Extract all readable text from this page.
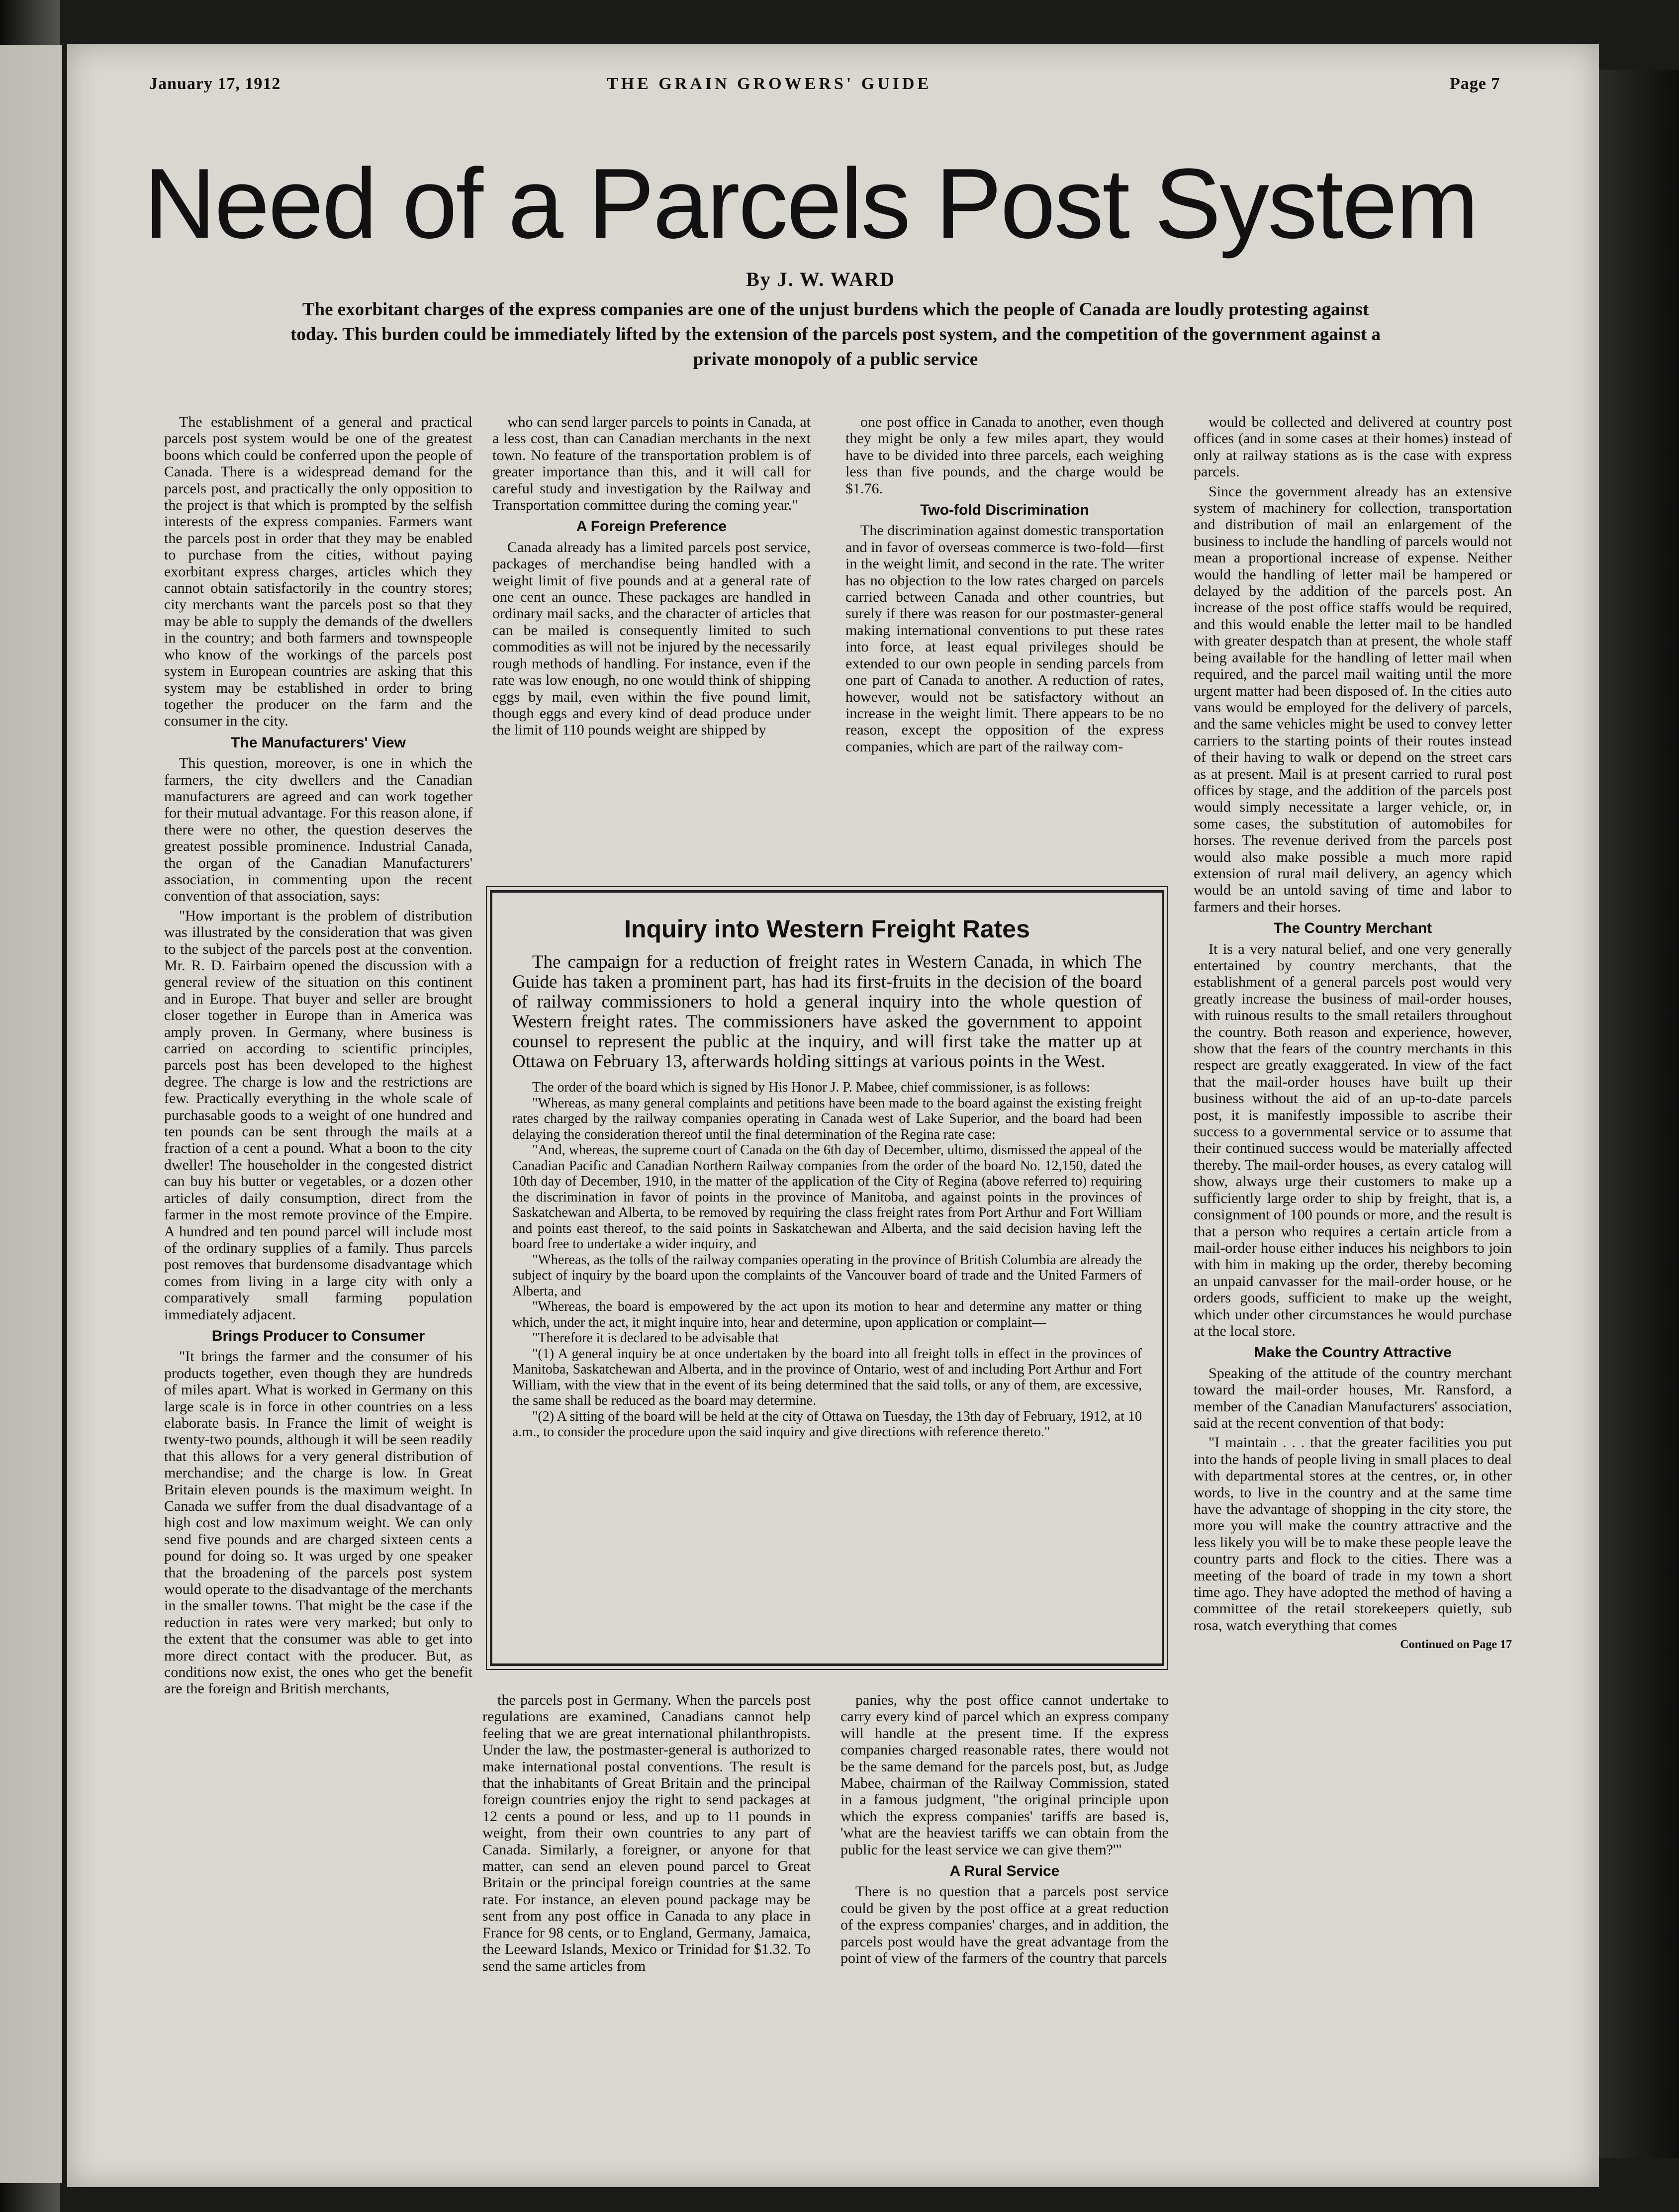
January 17, 1912	THE GRAIN GROWERS' GUIDE	Page 7
Need of a Parcels Post System
By J. W. WARD
The exorbitant charges of the express companies are one of the unjust burdens which the people of Canada are loudly protesting against today. This burden could be immediately lifted by the extension of the parcels post system, and the competition of the government against a private monopoly of a public service

The establishment of a general and practical parcels post system would be one of the greatest boons which could be conferred upon the people of Canada. There is a widespread demand for the parcels post, and practically the only opposition to the project is that which is prompted by the selfish interests of the express companies. Farmers want the parcels post in order that they may be enabled to purchase from the cities, without paying exorbitant express charges, articles which they cannot obtain satisfactorily in the country stores; city merchants want the parcels post so that they may be able to supply the demands of the dwellers in the country; and both farmers and townspeople who know of the workings of the parcels post system in European countries are asking that this system may be established in order to bring together the producer on the farm and the consumer in the city.

The Manufacturers' View

This question, moreover, is one in which the farmers, the city dwellers and the Canadian manufacturers are agreed and can work together for their mutual advantage. For this reason alone, if there were no other, the question deserves the greatest possible prominence. Industrial Canada, the organ of the Canadian Manufacturers' association, in commenting upon the recent convention of that association, says:

"How important is the problem of distribution was illustrated by the consideration that was given to the subject of the parcels post at the convention. Mr. R. D. Fairbairn opened the discussion with a general review of the situation on this continent and in Europe. That buyer and seller are brought closer together in Europe than in America was amply proven. In Germany, where business is carried on according to scientific principles, parcels post has been developed to the highest degree. The charge is low and the restrictions are few. Practically everything in the whole scale of purchasable goods to a weight of one hundred and ten pounds can be sent through the mails at a fraction of a cent a pound. What a boon to the city dweller! The householder in the congested district can buy his butter or vegetables, or a dozen other articles of daily consumption, direct from the farmer in the most remote province of the Empire. A hundred and ten pound parcel will include most of the ordinary supplies of a family. Thus parcels post removes that burdensome disadvantage which comes from living in a large city with only a comparatively small farming population immediately adjacent.

Brings Producer to Consumer

"It brings the farmer and the consumer of his products together, even though they are hundreds of miles apart. What is worked in Germany on this large scale is in force in other countries on a less elaborate basis. In France the limit of weight is twenty-two pounds, although it will be seen readily that this allows for a very general distribution of merchandise; and the charge is low. In Great Britain eleven pounds is the maximum weight. In Canada we suffer from the dual disadvantage of a high cost and low maximum weight. We can only send five pounds and are charged sixteen cents a pound for doing so. It was urged by one speaker that the broadening of the parcels post system would operate to the disadvantage of the merchants in the smaller towns. That might be the case if the reduction in rates were very marked; but only to the extent that the consumer was able to get into more direct contact with the producer. But, as conditions now exist, the ones who get the benefit are the foreign and British merchants,

who can send larger parcels to points in Canada, at a less cost, than can Canadian merchants in the next town. No feature of the transportation problem is of greater importance than this, and it will call for careful study and investigation by the Railway and Transportation committee during the coming year."

A Foreign Preference

Canada already has a limited parcels post service, packages of merchandise being handled with a weight limit of five pounds and at a general rate of one cent an ounce. These packages are handled in ordinary mail sacks, and the character of articles that can be mailed is consequently limited to such commodities as will not be injured by the necessarily rough methods of handling. For instance, even if the rate was low enough, no one would think of shipping eggs by mail, even within the five pound limit, though eggs and every kind of dead produce under the limit of 110 pounds weight are shipped by

one post office in Canada to another, even though they might be only a few miles apart, they would have to be divided into three parcels, each weighing less than five pounds, and the charge would be $1.76.

Two-fold Discrimination

The discrimination against domestic transportation and in favor of overseas commerce is two-fold—first in the weight limit, and second in the rate. The writer has no objection to the low rates charged on parcels carried between Canada and other countries, but surely if there was reason for our postmaster-general making international conventions to put these rates into force, at least equal privileges should be extended to our own people in sending parcels from one part of Canada to another. A reduction of rates, however, would not be satisfactory without an increase in the weight limit. There appears to be no reason, except the opposition of the express companies, which are part of the railway com-

would be collected and delivered at country post offices (and in some cases at their homes) instead of only at railway stations as is the case with express parcels.

Since the government already has an extensive system of machinery for collection, transportation and distribution of mail an enlargement of the business to include the handling of parcels would not mean a proportional increase of expense. Neither would the handling of letter mail be hampered or delayed by the addition of the parcels post. An increase of the post office staffs would be required, and this would enable the letter mail to be handled with greater despatch than at present, the whole staff being available for the handling of letter mail when required, and the parcel mail waiting until the more urgent matter had been disposed of. In the cities auto vans would be employed for the delivery of parcels, and the same vehicles might be used to convey letter carriers to the starting points of their routes instead of their having to walk or depend on the street cars as at present. Mail is at present carried to rural post offices by stage, and the addition of the parcels post would simply necessitate a larger vehicle, or, in some cases, the substitution of automobiles for horses. The revenue derived from the parcels post would also make possible a much more rapid extension of rural mail delivery, an agency which would be an untold saving of time and labor to farmers and their horses.

The Country Merchant

It is a very natural belief, and one very generally entertained by country merchants, that the establishment of a general parcels post would very greatly increase the business of mail-order houses, with ruinous results to the small retailers throughout the country. Both reason and experience, however, show that the fears of the country merchants in this respect are greatly exaggerated. In view of the fact that the mail-order houses have built up their business without the aid of an up-to-date parcels post, it is manifestly impossible to ascribe their success to a governmental service or to assume that their continued success would be materially affected thereby. The mail-order houses, as every catalog will show, always urge their customers to make up a sufficiently large order to ship by freight, that is, a consignment of 100 pounds or more, and the result is that a person who requires a certain article from a mail-order house either induces his neighbors to join with him in making up the order, thereby becoming an unpaid canvasser for the mail-order house, or he orders goods, sufficient to make up the weight, which under other circumstances he would purchase at the local store.

Make the Country Attractive

Speaking of the attitude of the country merchant toward the mail-order houses, Mr. Ransford, a member of the Canadian Manufacturers' association, said at the recent convention of that body:

"I maintain . . . that the greater facilities you put into the hands of people living in small places to deal with departmental stores at the centres, or, in other words, to live in the country and at the same time have the advantage of shopping in the city store, the more you will make the country attractive and the less likely you will be to make these people leave the country parts and flock to the cities. There was a meeting of the board of trade in my town a short time ago. They have adopted the method of having a committee of the retail storekeepers quietly, sub rosa, watch everything that comes

Continued on Page 17
Inquiry into Western Freight Rates
The campaign for a reduction of freight rates in Western Canada, in which The Guide has taken a prominent part, has had its first-fruits in the decision of the board of railway commissioners to hold a general inquiry into the whole question of Western freight rates. The commissioners have asked the government to appoint counsel to represent the public at the inquiry, and will first take the matter up at Ottawa on February 13, afterwards holding sittings at various points in the West.

The order of the board which is signed by His Honor J. P. Mabee, chief commissioner, is as follows:

"Whereas, as many general complaints and petitions have been made to the board against the existing freight rates charged by the railway companies operating in Canada west of Lake Superior, and the board had been delaying the consideration thereof until the final determination of the Regina rate case:

"And, whereas, the supreme court of Canada on the 6th day of December, ultimo, dismissed the appeal of the Canadian Pacific and Canadian Northern Railway companies from the order of the board No. 12,150, dated the 10th day of December, 1910, in the matter of the application of the City of Regina (above referred to) requiring the discrimination in favor of points in the province of Manitoba, and against points in the provinces of Saskatchewan and Alberta, to be removed by requiring the class freight rates from Port Arthur and Fort William and points east thereof, to the said points in Saskatchewan and Alberta, and the said decision having left the board free to undertake a wider inquiry, and

"Whereas, as the tolls of the railway companies operating in the province of British Columbia are already the subject of inquiry by the board upon the complaints of the Vancouver board of trade and the United Farmers of Alberta, and

"Whereas, the board is empowered by the act upon its motion to hear and determine any matter or thing which, under the act, it might inquire into, hear and determine, upon application or complaint—

"Therefore it is declared to be advisable that

"(1) A general inquiry be at once undertaken by the board into all freight tolls in effect in the provinces of Manitoba, Saskatchewan and Alberta, and in the province of Ontario, west of and including Port Arthur and Fort William, with the view that in the event of its being determined that the said tolls, or any of them, are excessive, the same shall be reduced as the board may determine.

"(2) A sitting of the board will be held at the city of Ottawa on Tuesday, the 13th day of February, 1912, at 10 a.m., to consider the procedure upon the said inquiry and give directions with reference thereto."

the parcels post in Germany. When the parcels post regulations are examined, Canadians cannot help feeling that we are great international philanthropists. Under the law, the postmaster-general is authorized to make international postal conventions. The result is that the inhabitants of Great Britain and the principal foreign countries enjoy the right to send packages at 12 cents a pound or less, and up to 11 pounds in weight, from their own countries to any part of Canada. Similarly, a foreigner, or anyone for that matter, can send an eleven pound parcel to Great Britain or the principal foreign countries at the same rate. For instance, an eleven pound package may be sent from any post office in Canada to any place in France for 98 cents, or to England, Germany, Jamaica, the Leeward Islands, Mexico or Trinidad for $1.32. To send the same articles from

panies, why the post office cannot undertake to carry every kind of parcel which an express company will handle at the present time. If the express companies charged reasonable rates, there would not be the same demand for the parcels post, but, as Judge Mabee, chairman of the Railway Commission, stated in a famous judgment, "the original principle upon which the express companies' tariffs are based is, 'what are the heaviest tariffs we can obtain from the public for the least service we can give them?'"

A Rural Service

There is no question that a parcels post service could be given by the post office at a great reduction of the express companies' charges, and in addition, the parcels post would have the great advantage from the point of view of the farmers of the country that parcels
